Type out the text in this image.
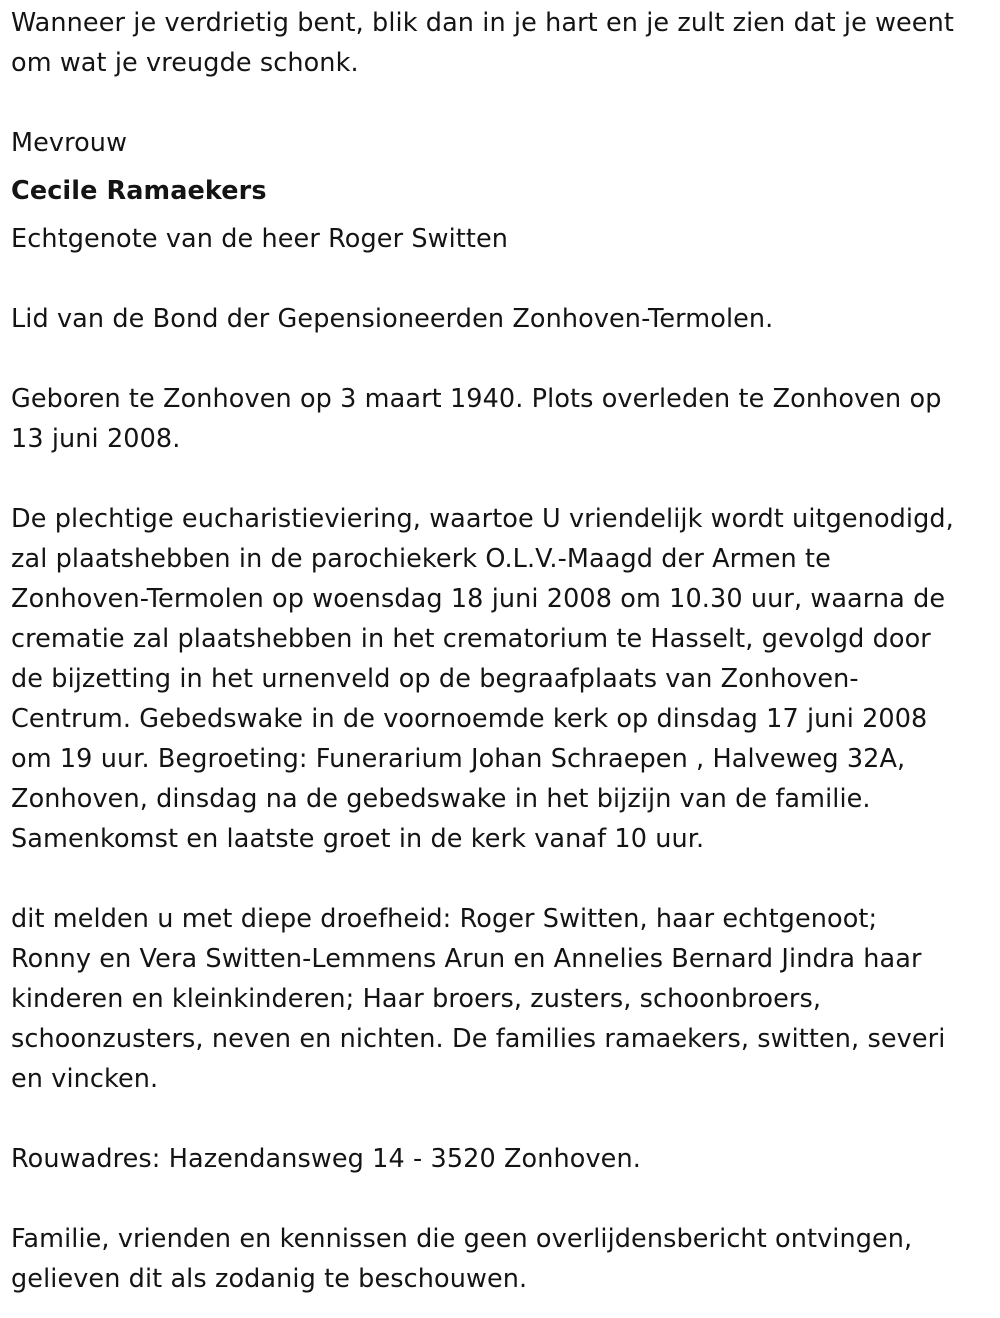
Wanneer je verdrietig bent, blik dan in je hart en je zult zien dat je weent

om wat je vreugde schonk.

Mevrouw

Cecile Ramaekers

Echtgenote van de heer Roger Switten

Lid van de Bond der Gepensioneerden Zonhoven-Termolen.

Geboren te Zonhoven op 3 maart 1940. Plots overleden te Zonhoven op

13 juni 2008.

De plechtige eucharistieviering, waartoe U vriendelijk wordt uitgenodigd,

zal plaatshebben in de parochiekerk O.L.V.-Maagd der Armen te

Zonhoven-Termolen op woensdag 18 juni 2008 om 10.30 uur, waarna de

crematie zal plaatshebben in het crematorium te Hasselt, gevolgd door

de bijzetting in het urnenveld op de begraafplaats van Zonhoven-

Centrum. Gebedswake in de voornoemde kerk op dinsdag 17 juni 2008

om 19 uur. Begroeting: Funerarium Johan Schraepen , Halveweg 32A,

Zonhoven, dinsdag na de gebedswake in het bijzijn van de familie.

Samenkomst en laatste groet in de kerk vanaf 10 uur.

dit melden u met diepe droefheid: Roger Switten, haar echtgenoot;

Ronny en Vera Switten-Lemmens Arun en Annelies Bernard Jindra haar

kinderen en kleinkinderen; Haar broers, zusters, schoonbroers,

schoonzusters, neven en nichten. De families ramaekers, switten, severi

en vincken.

Rouwadres: Hazendansweg 14 - 3520 Zonhoven.

Familie, vrienden en kennissen die geen overlijdensbericht ontvingen,

gelieven dit als zodanig te beschouwen.
